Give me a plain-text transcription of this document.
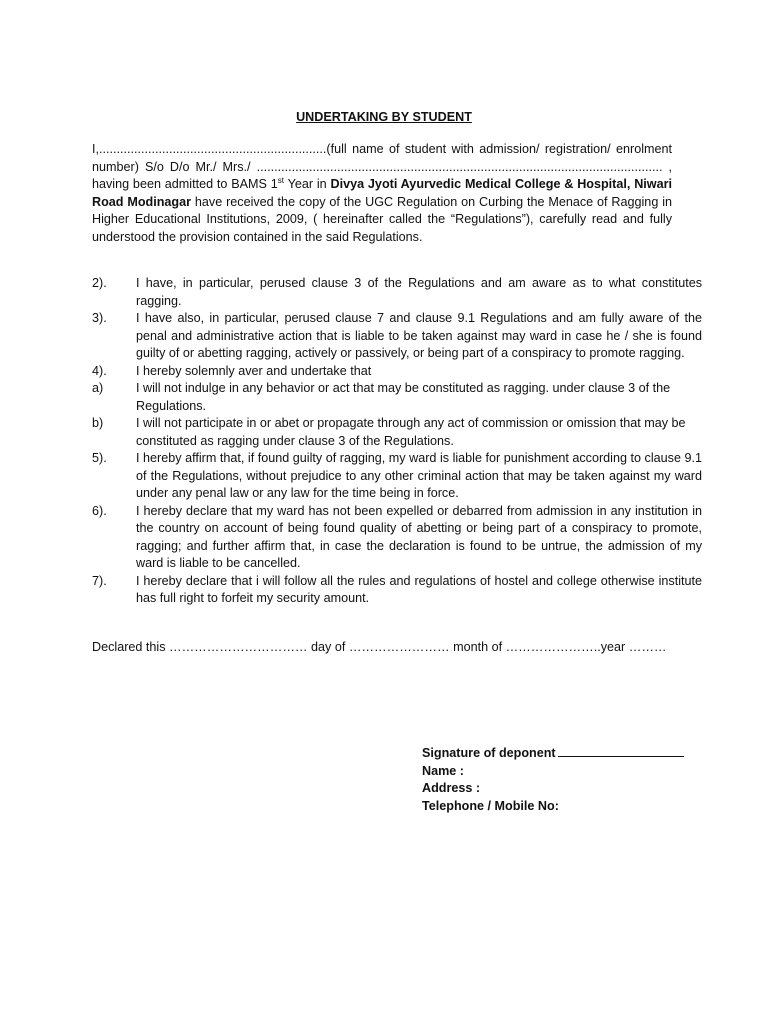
UNDERTAKING BY STUDENT

I,.................................................................(full name of student with admission/ registration/ enrolment number) S/o D/o Mr./ Mrs./ .................................................................................................................... , having been admitted to BAMS 1st Year in Divya Jyoti Ayurvedic Medical College & Hospital, Niwari Road Modinagar have received the copy of the UGC Regulation on Curbing the Menace of Ragging in Higher Educational Institutions, 2009, ( hereinafter called the “Regulations”), carefully read and fully understood the provision contained in the said Regulations.

2).	I have, in particular, perused clause 3 of the Regulations and am aware as to what constitutes ragging.
3).	I have also, in particular, perused clause 7 and clause 9.1 Regulations and am fully aware of the penal and administrative action that is liable to be taken against may ward in case he / she is found guilty of or abetting ragging, actively or passively, or being part of a conspiracy to promote ragging.
4).	I hereby solemnly aver and undertake that
a)	I will not indulge in any behavior or act that may be constituted as ragging. under clause 3 of the Regulations.
b)	I will not participate in or abet or propagate through any act of commission or omission that may be constituted as ragging under clause 3 of the Regulations.
5).	I hereby affirm that, if found guilty of ragging, my ward is liable for punishment according to clause 9.1 of the Regulations, without prejudice to any other criminal action that may be taken against my ward under any penal law or any law for the time being in force.
6).	I hereby declare that my ward has not been expelled or debarred from admission in any institution in the country on account of being found quality of abetting or being part of a conspiracy to promote, ragging; and further affirm that, in case the declaration is found to be untrue, the admission of my ward is liable to be cancelled.
7).	I hereby declare that i will follow all the rules and regulations of hostel and college otherwise institute has full right to forfeit my security amount.
Declared this …………………………… day of …………………… month of …………………..year ………
Signature of deponent
Name :
Address :
Telephone / Mobile No:
